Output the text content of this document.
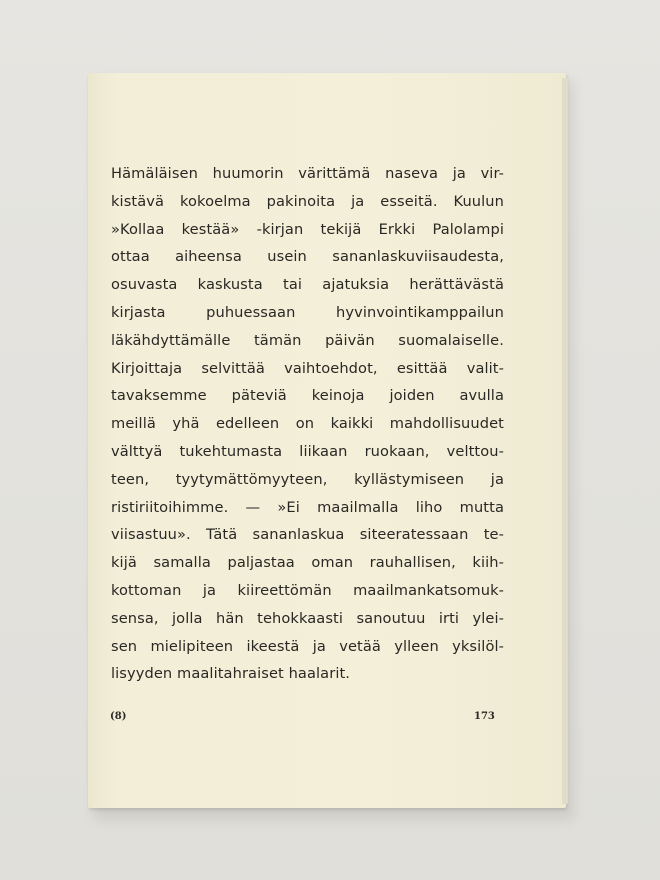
Hämäläisen huumorin värittämä naseva ja vir-
kistävä kokoelma pakinoita ja esseitä. Kuulun
»Kollaa kestää» -kirjan tekijä Erkki Palolampi
ottaa aiheensa usein sananlaskuviisaudesta,
osuvasta kaskusta tai ajatuksia herättävästä
kirjasta puhuessaan hyvinvointikamppailun
läkähdyttämälle tämän päivän suomalaiselle.
Kirjoittaja selvittää vaihtoehdot, esittää valit-
tavaksemme päteviä keinoja joiden avulla
meillä yhä edelleen on kaikki mahdollisuudet
välttyä tukehtumasta liikaan ruokaan, velttou-
teen, tyytymättömyyteen, kyllästymiseen ja
ristiriitoihimme. — »Ei maailmalla liho mutta
viisastuu». Tätä sananlaskua siteeratessaan te-
kijä samalla paljastaa oman rauhallisen, kiih-
kottoman ja kiireettömän maailmankatsomuk-
sensa, jolla hän tehokkaasti sanoutuu irti ylei-
sen mielipiteen ikeestä ja vetää ylleen yksilöl-
lisyyden maalitahraiset haalarit.
(8)	173
